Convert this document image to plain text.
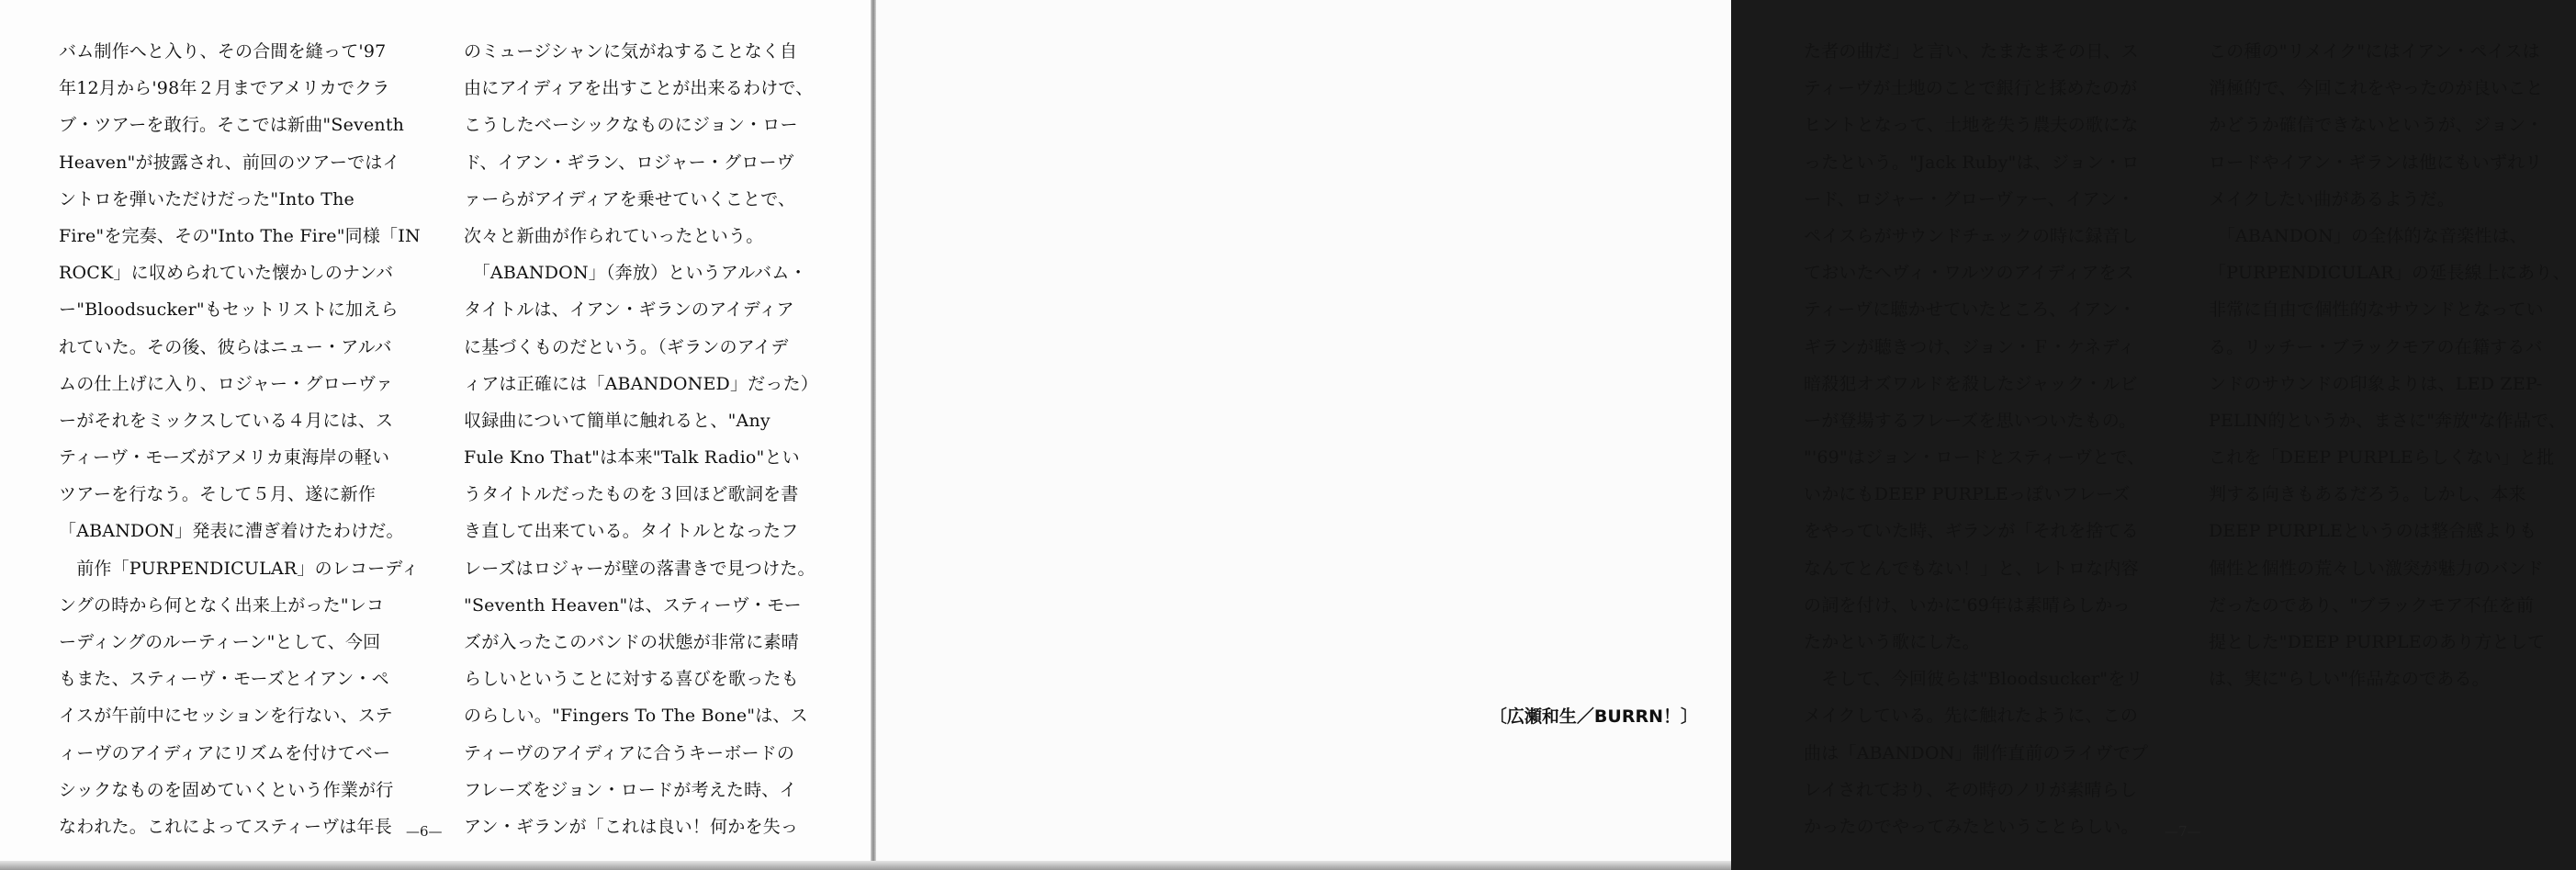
バム制作へと入り、その合間を縫って'97
年12月から'98年２月までアメリカでクラ
ブ・ツアーを敢行。そこでは新曲"Seventh
Heaven"が披露され、前回のツアーではイ
ントロを弾いただけだった"Into The
Fire"を完奏、その"Into The Fire"同様「IN
ROCK」に収められていた懐かしのナンバ
ー"Bloodsucker"もセットリストに加えら
れていた。その後、彼らはニュー・アルバ
ムの仕上げに入り、ロジャー・グローヴァ
ーがそれをミックスしている４月には、ス
ティーヴ・モーズがアメリカ東海岸の軽い
ツアーを行なう。そして５月、遂に新作
「ABANDON」発表に漕ぎ着けたわけだ。
　前作「PURPENDICULAR」のレコーディ
ングの時から何となく出来上がった"レコ
ーディングのルーティーン"として、今回
もまた、スティーヴ・モーズとイアン・ペ
イスが午前中にセッションを行ない、ステ
ィーヴのアイディアにリズムを付けてベー
シックなものを固めていくという作業が行
なわれた。これによってスティーヴは年長
のミュージシャンに気がねすることなく自
由にアイディアを出すことが出来るわけで、
こうしたベーシックなものにジョン・ロー
ド、イアン・ギラン、ロジャー・グローヴ
ァーらがアイディアを乗せていくことで、
次々と新曲が作られていったという。
　「ABANDON」（奔放）というアルバム・
タイトルは、イアン・ギランのアイディア
に基づくものだという。（ギランのアイデ
ィアは正確には「ABANDONED」だった）
収録曲について簡単に触れると、"Any
Fule Kno That"は本来"Talk Radio"とい
うタイトルだったものを３回ほど歌詞を書
き直して出来ている。タイトルとなったフ
レーズはロジャーが壁の落書きで見つけた。
"Seventh Heaven"は、スティーヴ・モー
ズが入ったこのバンドの状態が非常に素晴
らしいということに対する喜びを歌ったも
のらしい。"Fingers To The Bone"は、ス
ティーヴのアイディアに合うキーボードの
フレーズをジョン・ロードが考えた時、イ
アン・ギランが「これは良い！何かを失っ
—6—
た者の曲だ」と言い、たまたまその日、ス
ティーヴが土地のことで銀行と揉めたのが
ヒントとなって、土地を失う農夫の歌にな
ったという。"Jack Ruby"は、ジョン・ロ
ード、ロジャー・グローヴァー、イアン・
ペイスらがサウンドチェックの時に録音し
ておいたヘヴィ・ワルツのアイディアをス
ティーヴに聴かせていたところ、イアン・
ギランが聴きつけ、ジョン・Ｆ・ケネディ
暗殺犯オズワルドを殺したジャック・ルビ
ーが登場するフレーズを思いついたもの。
"'69"はジョン・ロードとスティーヴとで、
いかにもDEEP PURPLEっぽいフレーズ
をやっていた時、ギランが「それを捨てる
なんてとんでもない！」と、レトロな内容
の詞を付け、いかに'69年は素晴らしかっ
たかという歌にした。
　そして、今回彼らは"Bloodsucker"をリ
メイクしている。先に触れたように、この
曲は「ABANDON」制作直前のライヴでプ
レイされており、その時のノリが素晴らし
かったのでやってみたということらしい。
この種の"リメイク"にはイアン・ペイスは
消極的で、今回これをやったのが良いこと
かどうか確信できないというが、ジョン・
ロードやイアン・ギランは他にもいずれリ
メイクしたい曲があるようだ。
　「ABANDON」の全体的な音楽性は、
「PURPENDICULAR」の延長線上にあり、
非常に自由で個性的なサウンドとなってい
る。リッチー・ブラックモアの在籍するバ
ンドのサウンドの印象よりは、LED ZEP-
PELIN的というか、まさに"奔放"な作品で、
これを「DEEP PURPLEらしくない」と批
判する向きもあるだろう。しかし、本来
DEEP PURPLEというのは整合感よりも
個性と個性の荒々しい激突が魅力のバンド
だったのであり、"ブラックモア不在を前
提とした"DEEP PURPLEのあり方として
は、実に"らしい"作品なのである。
〔広瀬和生／BURRN！〕
—7—
